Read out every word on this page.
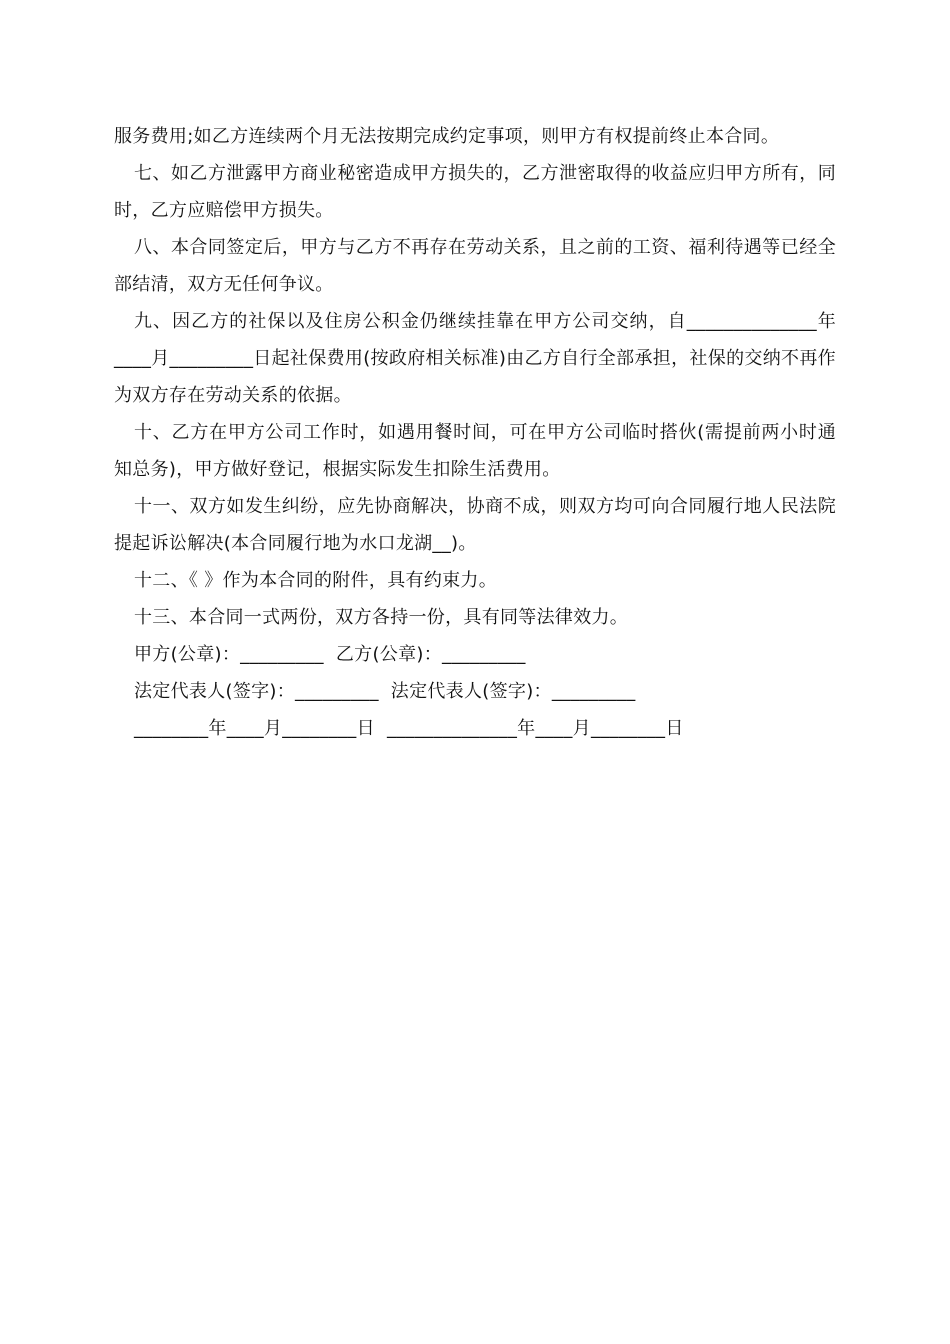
服务费用;如乙方连续两个月无法按期完成约定事项，则甲方有权提前终止本合同。

七、如乙方泄露甲方商业秘密造成甲方损失的，乙方泄密取得的收益应归甲方所有，同时，乙方应赔偿甲方损失。

八、本合同签定后，甲方与乙方不再存在劳动关系，且之前的工资、福利待遇等已经全部结清，双方无任何争议。

九、因乙方的社保以及住房公积金仍继续挂靠在甲方公司交纳，自______________年____月_________日起社保费用(按政府相关标准)由乙方自行全部承担，社保的交纳不再作为双方存在劳动关系的依据。

十、乙方在甲方公司工作时，如遇用餐时间，可在甲方公司临时搭伙(需提前两小时通知总务)，甲方做好登记，根据实际发生扣除生活费用。

十一、双方如发生纠纷，应先协商解决，协商不成，则双方均可向合同履行地人民法院提起诉讼解决(本合同履行地为水口龙湖__)。

十二、《 》作为本合同的附件，具有约束力。

十三、本合同一式两份，双方各持一份，具有同等法律效力。

甲方(公章)：_________  乙方(公章)：_________

法定代表人(签字)：_________  法定代表人(签字)：_________

________年____月________日  ______________年____月________日
